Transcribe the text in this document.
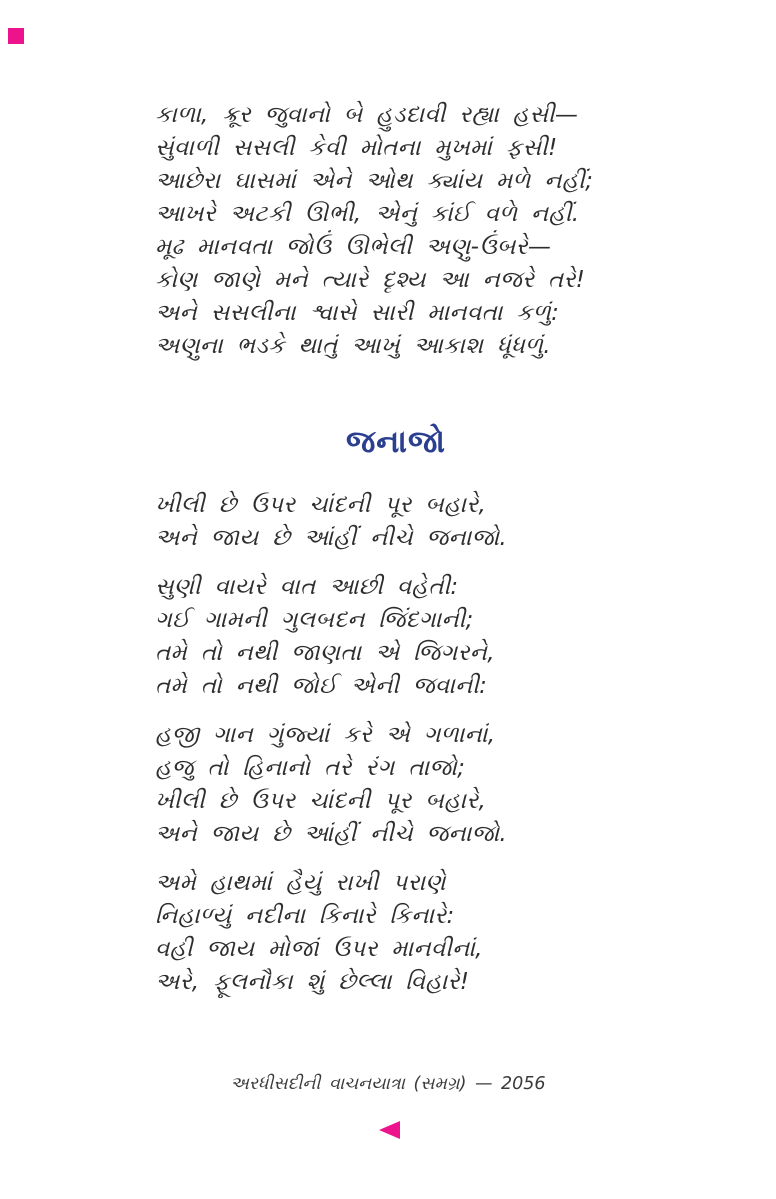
કાળા, ક્રૂર જુવાનો બે હુડદાવી રહ્યા હસી—
સુંવાળી સસલી કેવી મોતના મુખમાં ફસી!
આછેરા ઘાસમાં એને ઓથ ક્યાંય મળે નહીં;
આખરે અટકી ઊભી, એનું કાંઈ વળે નહીં.
મૂઢ માનવતા જોઉં ઊભેલી અણુ-ઉંબરે—
કોણ જાણે મને ત્યારે દૃશ્ય આ નજરે તરે!
અને સસલીના શ્વાસે સારી માનવતા કળું:
અણુના ભડકે થાતું આખું આકાશ ધૂંધળું.
જનાજો
ખીલી છે ઉપર ચાંદની પૂર બહારે,
અને જાય છે આંહીં નીચે જનાજો.
સુણી વાયરે વાત આછી વહેતી:
ગઈ ગામની ગુલબદન જિંદગાની;
તમે તો નથી જાણતા એ જિગરને,
તમે તો નથી જોઈ એની જવાની:
હજી ગાન ગુંજ્યાં કરે એ ગળાનાં,
હજુ તો હિનાનો તરે રંગ તાજો;
ખીલી છે ઉપર ચાંદની પૂર બહારે,
અને જાય છે આંહીં નીચે જનાજો.
અમે હાથમાં હૈયું રાખી પરાણે
નિહાળ્યું નદીના કિનારે કિનારે:
વહી જાય મોજાં ઉપર માનવીનાં,
અરે, ફૂલનૌકા શું છેલ્લા વિહારે!
અરધીસદીની વાચનયાત્રા (સમગ્ર) — 2056
